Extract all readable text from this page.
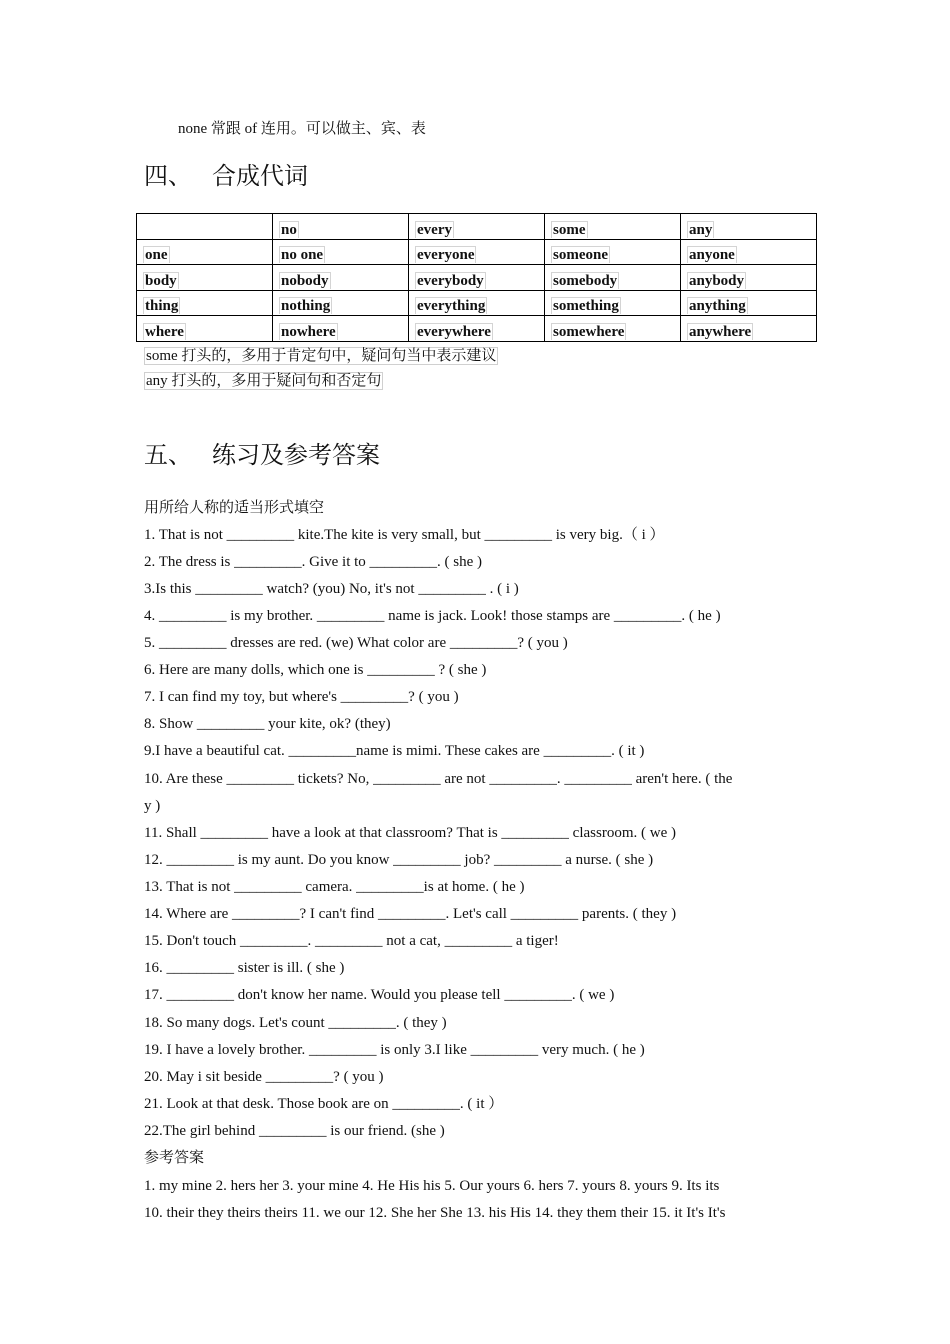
none 常跟 of 连用。可以做主、宾、表
四、 合成代词
	no	every	some	any
one	no one	everyone	someone	anyone
body	nobody	everybody	somebody	anybody
thing	nothing	everything	something	anything
where	nowhere	everywhere	somewhere	anywhere
some 打头的，多用于肯定句中，疑问句当中表示建议
any 打头的，多用于疑问句和否定句
五、 练习及参考答案
用所给人称的适当形式填空
1. That is not _________ kite.The kite is very small, but _________ is very big.（ i ）
2. The dress is _________. Give it to _________. ( she )
3.Is this _________ watch? (you) No, it's not _________ . ( i )
4. _________ is my brother. _________ name is jack. Look! those stamps are _________. ( he )
5. _________ dresses are red. (we) What color are _________? ( you )
6. Here are many dolls, which one is _________ ? ( she )
7. I can find my toy, but where's _________? ( you )
8. Show _________ your kite, ok? (they)
9.I have a beautiful cat. _________name is mimi. These cakes are _________. ( it )
10. Are these _________ tickets? No, _________ are not _________. _________ aren't here. ( the
y )
11. Shall _________ have a look at that classroom? That is _________ classroom. ( we )
12. _________ is my aunt. Do you know _________ job? _________ a nurse. ( she )
13. That is not _________ camera. _________is at home. ( he )
14. Where are _________? I can't find _________. Let's call _________ parents. ( they )
15. Don't touch _________. _________ not a cat, _________ a tiger!
16. _________ sister is ill. ( she )
17. _________ don't know her name. Would you please tell _________. ( we )
18. So many dogs. Let's count _________. ( they )
19. I have a lovely brother. _________ is only 3.I like _________ very much. ( he )
20. May i sit beside _________? ( you )
21. Look at that desk. Those book are on _________. ( it ）
22.The girl behind _________ is our friend. (she )
参考答案
1. my mine 2. hers her 3. your mine 4. He His his 5. Our yours 6. hers 7. yours 8. yours 9. Its its
10. their they theirs theirs 11. we our 12. She her She 13. his His 14. they them their 15. it It's It's
